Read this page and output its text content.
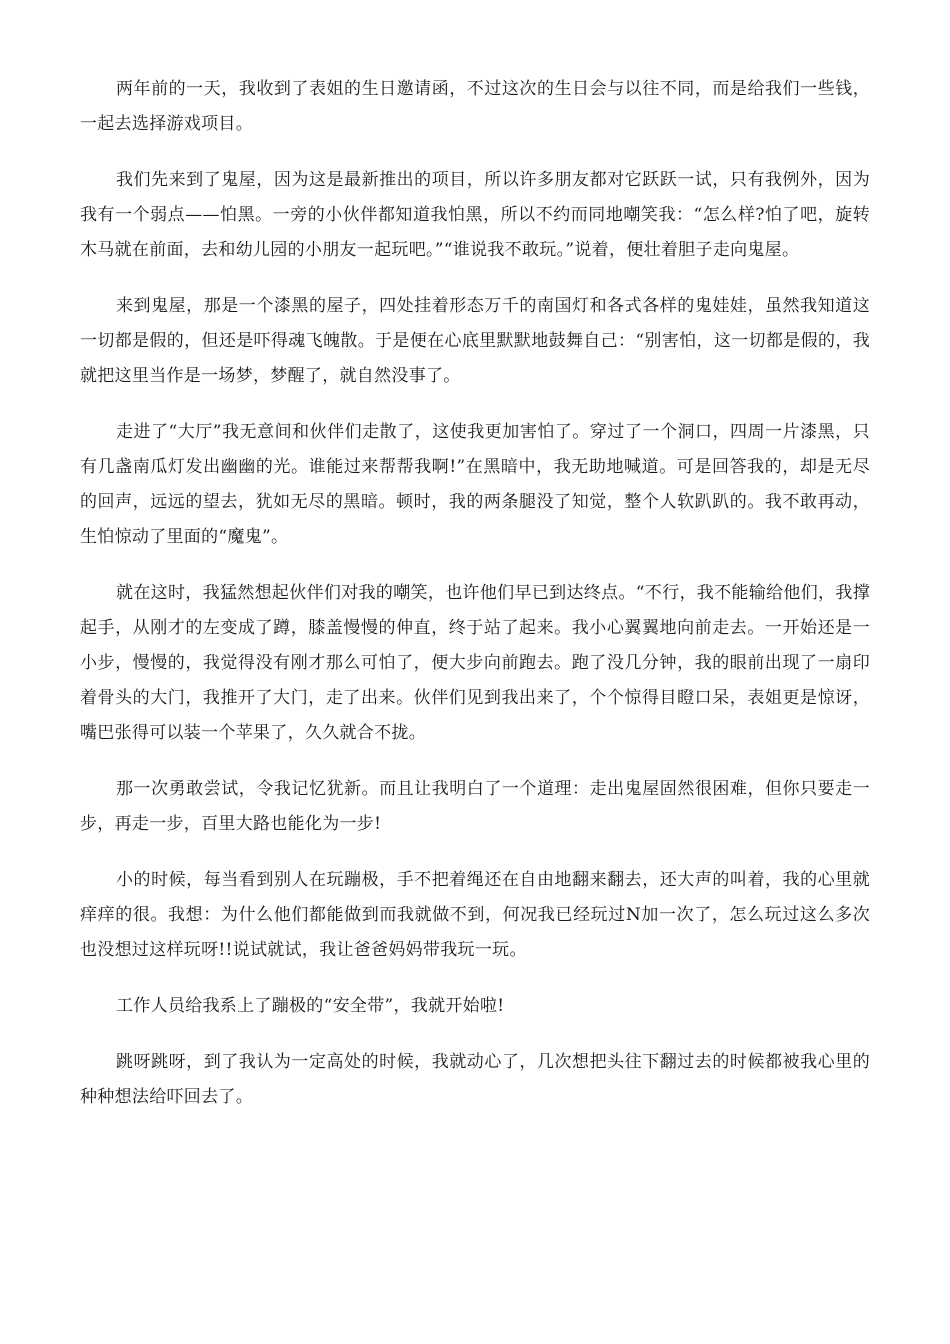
两年前的一天，我收到了表姐的生日邀请函，不过这次的生日会与以往不同，而是给我们一些钱，一起去选择游戏项目。

我们先来到了鬼屋，因为这是最新推出的项目，所以许多朋友都对它跃跃一试，只有我例外，因为我有一个弱点——怕黑。一旁的小伙伴都知道我怕黑，所以不约而同地嘲笑我：“怎么样?怕了吧，旋转木马就在前面，去和幼儿园的小朋友一起玩吧。”“谁说我不敢玩。”说着，便壮着胆子走向鬼屋。

来到鬼屋，那是一个漆黑的屋子，四处挂着形态万千的南国灯和各式各样的鬼娃娃，虽然我知道这一切都是假的，但还是吓得魂飞魄散。于是便在心底里默默地鼓舞自己：“别害怕，这一切都是假的，我就把这里当作是一场梦，梦醒了，就自然没事了。

走进了“大厅”我无意间和伙伴们走散了，这使我更加害怕了。穿过了一个洞口，四周一片漆黑，只有几盏南瓜灯发出幽幽的光。谁能过来帮帮我啊!”在黑暗中，我无助地喊道。可是回答我的，却是无尽的回声，远远的望去，犹如无尽的黑暗。顿时，我的两条腿没了知觉，整个人软趴趴的。我不敢再动，生怕惊动了里面的“魔鬼”。

就在这时，我猛然想起伙伴们对我的嘲笑，也许他们早已到达终点。“不行，我不能输给他们，我撑起手，从刚才的左变成了蹲，膝盖慢慢的伸直，终于站了起来。我小心翼翼地向前走去。一开始还是一小步，慢慢的，我觉得没有刚才那么可怕了，便大步向前跑去。跑了没几分钟，我的眼前出现了一扇印着骨头的大门，我推开了大门，走了出来。伙伴们见到我出来了，个个惊得目瞪口呆，表姐更是惊讶，嘴巴张得可以装一个苹果了，久久就合不拢。

那一次勇敢尝试，令我记忆犹新。而且让我明白了一个道理：走出鬼屋固然很困难，但你只要走一步，再走一步，百里大路也能化为一步!

小的时候，每当看到别人在玩蹦极，手不把着绳还在自由地翻来翻去，还大声的叫着，我的心里就痒痒的很。我想：为什么他们都能做到而我就做不到，何况我已经玩过N加一次了，怎么玩过这么多次也没想过这样玩呀!!说试就试，我让爸爸妈妈带我玩一玩。

工作人员给我系上了蹦极的“安全带”，我就开始啦!

跳呀跳呀，到了我认为一定高处的时候，我就动心了，几次想把头往下翻过去的时候都被我心里的种种想法给吓回去了。
